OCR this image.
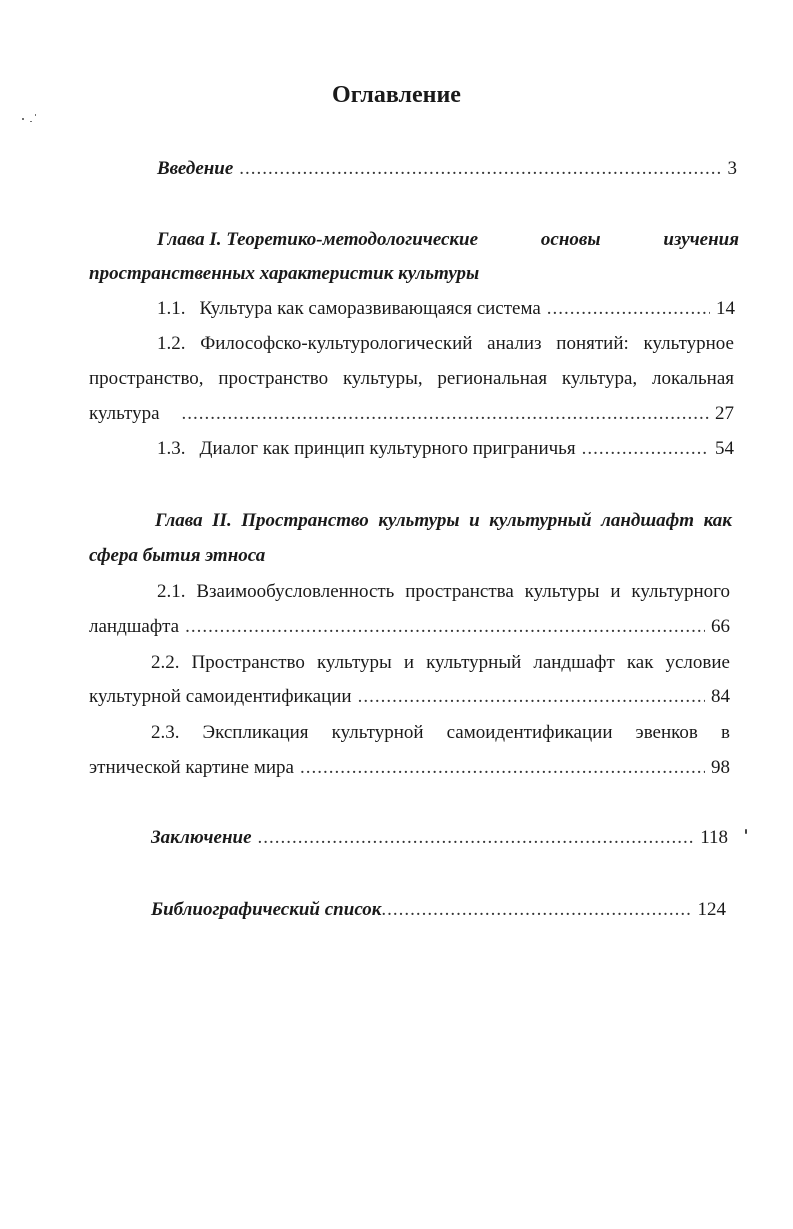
Оглавление
Введение .....	3
Глава I. Теоретико-методологические	основы	изучения
пространственных характеристик культуры
1.1. Культура как саморазвивающаяся система .....	14
1.2. Философско-культурологический анализ понятий: культурное
пространство, пространство культуры, региональная культура, локальная
культура .....	27
1.3. Диалог как принцип культурного приграничья .....	54
Глава II. Пространство культуры и культурный ландшафт как
сфера бытия этноса
2.1. Взаимообусловленность пространства культуры и культурного
ландшафта .....	66
2.2. Пространство культуры и культурный ландшафт как условие
культурной самоидентификации .....	84
2.3. Экспликация культурной самоидентификации эвенков в
этнической картине мира .....	98
Заключение .....	118
Библиографический список .....	124
